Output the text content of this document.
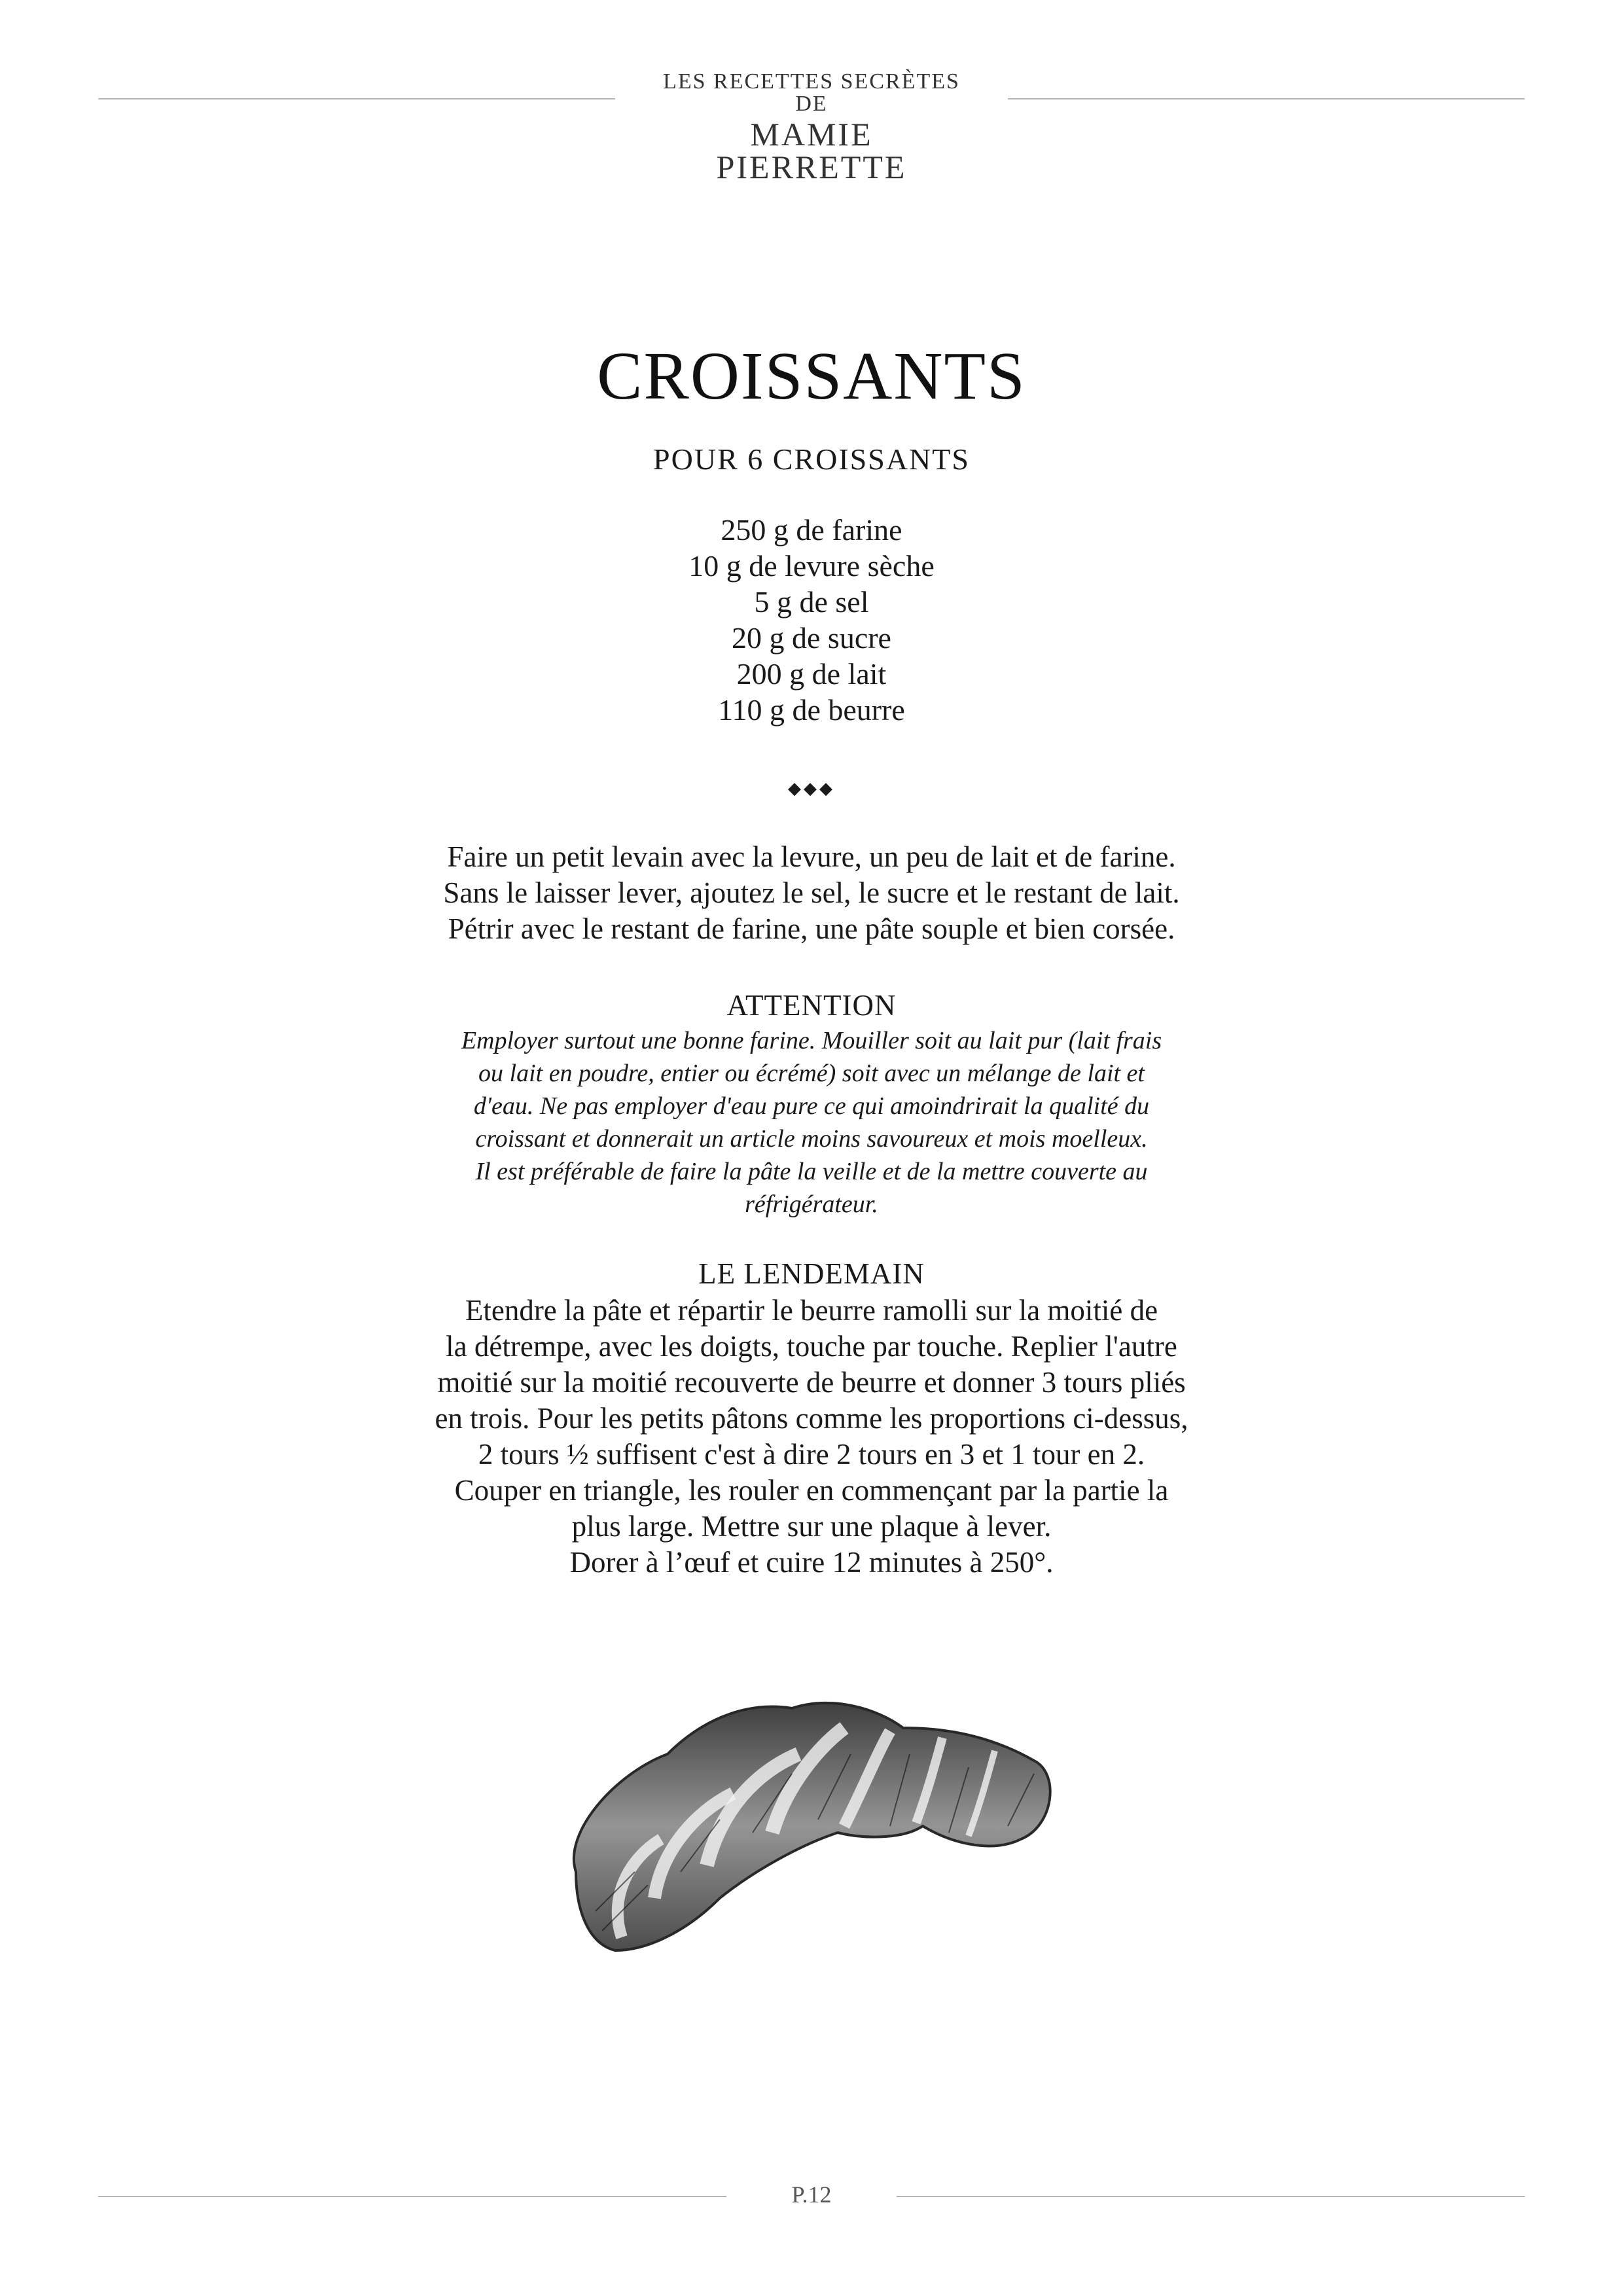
LES RECETTES SECRÈTES DE
MAMIE PIERRETTE
CROISSANTS
POUR 6 CROISSANTS
250 g de farine
10 g de levure sèche
5 g de sel
20 g de sucre
200 g de lait
110 g de beurre
◆◆◆
Faire un petit levain avec la levure, un peu de lait et de farine.
Sans le laisser lever, ajoutez le sel, le sucre et le restant de lait.
Pétrir avec le restant de farine, une pâte souple et bien corsée.
ATTENTION
Employer surtout une bonne farine. Mouiller soit au lait pur (lait frais
ou lait en poudre, entier ou écrémé) soit avec un mélange de lait et
d'eau. Ne pas employer d'eau pure ce qui amoindrirait la qualité du
croissant et donnerait un article moins savoureux et mois moelleux.
Il est préférable de faire la pâte la veille et de la mettre couverte au
réfrigérateur.
LE LENDEMAIN
Etendre la pâte et répartir le beurre ramolli sur la moitié de
la détrempe, avec les doigts, touche par touche. Replier l'autre
moitié sur la moitié recouverte de beurre et donner 3 tours pliés
en trois. Pour les petits pâtons comme les proportions ci-dessus,
2 tours ½ suffisent c'est à dire 2 tours en 3 et 1 tour en 2.
Couper en triangle, les rouler en commençant par la partie la
plus large. Mettre sur une plaque à lever.
Dorer à l’œuf et cuire 12 minutes à 250°.
P.12
